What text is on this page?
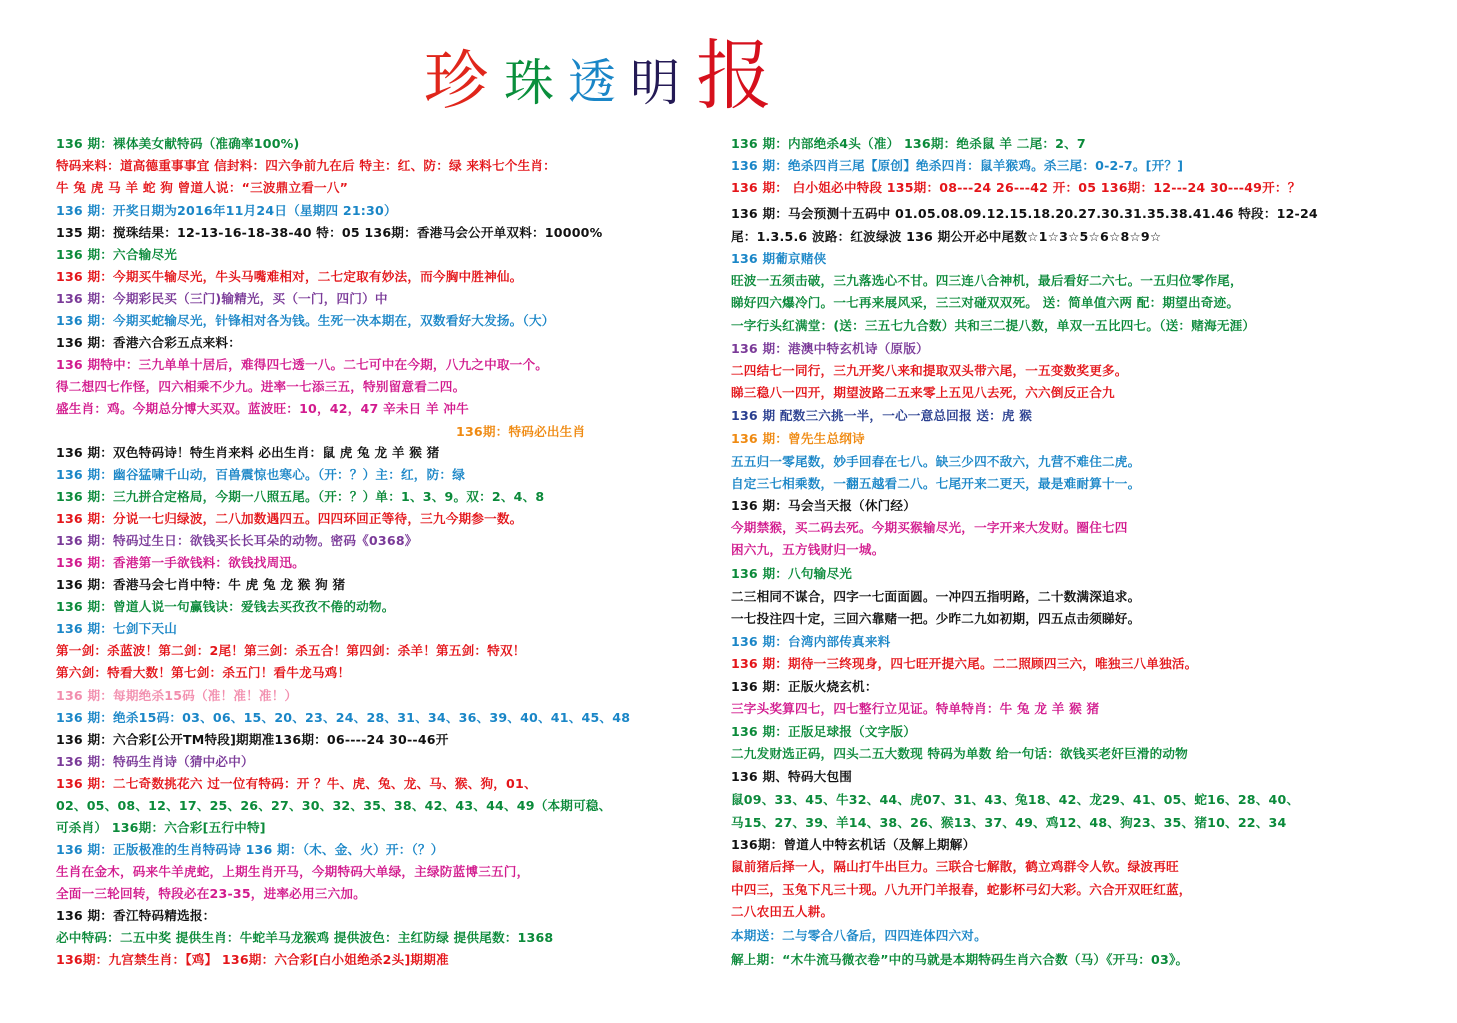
珍 珠 透 明 报
136 期：裸体美女献特码（准确率100%)
特码来料：道高德重事事宜 信封料：四六争前九在后 特主：红、防：绿 来料七个生肖：
牛 兔 虎 马 羊 蛇 狗 曾道人说：“三波鼎立看一八”
136 期：开奖日期为2016年11月24日（星期四 21:30）
135 期：搅珠结果：12-13-16-18-38-40 特：05 136期：香港马会公开单双料：10000%
136 期：六合输尽光
136 期：今期买牛输尽光，牛头马嘴难相对，二七定取有妙法，而今胸中胜神仙。
136 期：今期彩民买（三门)输精光，买（一门，四门）中
136 期：今期买蛇输尽光，针锋相对各为钱。生死一决本期在，双数看好大发扬。（大）
136 期：香港六合彩五点来料：
136 期特中：三九单单十居后，难得四七透一八。二七可中在今期，八九之中取一个。
得二想四七作怪，四六相乘不少九。进率一七添三五，特别留意看二四。
盛生肖：鸡。今期总分博大买双。蓝波旺：10，42，47 辛未日 羊 冲牛
136期：特码必出生肖
136 期：双色特码诗！特生肖来料 必出生肖：鼠 虎 兔 龙 羊 猴 猪
136 期：幽谷猛啸千山动，百兽震惊也寒心。（开：？）主：红，防：绿
136 期：三九拼合定格局，今期一八照五尾。（开：？）单：1、3、9。双：2、4、8
136 期：分说一七归绿波，二八加数遇四五。四四环回正等待，三九今期参一数。
136 期：特码过生日：欲钱买长长耳朵的动物。密码《0368》
136 期：香港第一手欲钱料：欲钱找周迅。
136 期：香港马会七肖中特：牛 虎 兔 龙 猴 狗 猪
136 期：曾道人说一句赢钱诀：爱钱去买孜孜不倦的动物。
136 期：七剑下天山
第一剑：杀蓝波！第二剑：2尾！第三剑：杀五合！第四剑：杀羊！第五剑：特双！
第六剑：特看大数！第七剑：杀五门！看牛龙马鸡！
136 期：每期绝杀15码（准！准！准！）
136 期：绝杀15码：03、06、15、20、23、24、28、31、34、36、39、40、41、45、48
136 期：六合彩[公开TM特段]期期准136期：06----24 30--46开
136 期：特码生肖诗（猜中必中）
136 期：二七奇数挑花六 过一位有特码：开 ？牛、虎、兔、龙、马、猴、狗，01、
02、05、08、12、17、25、26、27、30、32、35、38、42、43、44、49（本期可稳、
可杀肖） 136期：六合彩[五行中特]
136 期：正版极准的生肖特码诗 136 期：（木、金、火）开：（？）
生肖在金木，码来牛羊虎蛇，上期生肖开马，今期特码大单绿，主绿防蓝博三五门，
全面一三轮回转，特段必在23-35，进率必用三六加。
136 期：香江特码精选报：
必中特码：二五中奖 提供生肖：牛蛇羊马龙猴鸡 提供波色：主红防绿 提供尾数：1368
136期：九宫禁生肖：【鸡】 136期：六合彩[白小姐绝杀2头]期期准
136 期：内部绝杀4头（准） 136期：绝杀鼠 羊 二尾：2、7
136 期：绝杀四肖三尾【原创】绝杀四肖：鼠羊猴鸡。杀三尾：0-2-7。[开？]
136 期： 白小姐必中特段 135期：08---24 26---42 开：05 136期：12---24 30---49开：？
136 期：马会预测十五码中 01.05.08.09.12.15.18.20.27.30.31.35.38.41.46 特段：12-24
尾：1.3.5.6 波路：红波绿波 136 期公开必中尾数☆1☆3☆5☆6☆8☆9☆
136 期葡京赌侠
旺波一五须击破，三九落选心不甘。四三连八合神机，最后看好二六七。一五归位零作尾，
睇好四六爆冷门。一七再来展风采，三三对碰双双死。 送：简单值六两 配：期望出奇迹。
一字行头红满堂：(送：三五七九合数）共和三二提八数，单双一五比四七。（送：赌海无涯）
136 期：港澳中特玄机诗（原版）
二四结七一同行，三九开奖八来和提取双头带六尾，一五变数奖更多。
睇三稳八一四开，期望波路二五来零上五见八去死，六六倒反正合九
136 期 配数三六挑一半，一心一意总回报 送：虎 猴
136 期：曾先生总纲诗
五五归一零尾数，妙手回春在七八。缺三少四不敌六，九营不难住二虎。
自定三七相乘数，一翻五越看二八。七尾开来二更天，最是难耐算十一。
136 期：马会当天报（休门经）
今期禁猴，买二码去死。今期买猴输尽光，一字开来大发财。圈住七四
困六九，五方钱财归一城。
136 期：八句输尽光
二三相同不谋合，四字一七面面圆。一冲四五指明路，二十数满深追求。
一七投注四十定，三回六靠赌一把。少昨二九如初期，四五点击须睇好。
136 期：台湾内部传真来料
136 期：期待一三终现身，四七旺开提六尾。二二照顾四三六，唯独三八单独活。
136 期：正版火烧玄机：
三字头奖算四七，四七整行立见证。特单特肖：牛 兔 龙 羊 猴 猪
136 期：正版足球报（文字版）
二九发财选正码，四头二五大数现 特码为单数 给一句话：欲钱买老奸巨滑的动物
136 期、特码大包围
鼠09、33、45、牛32、44、虎07、31、43、兔18、42、龙29、41、05、蛇16、28、40、
马15、27、39、羊14、38、26、猴13、37、49、鸡12、48、狗23、35、猪10、22、34
136期：曾道人中特玄机话（及解上期解）
鼠前猪后择一人，隔山打牛出巨力。三联合七解散，鹤立鸡群令人钦。绿波再旺
中四三，玉兔下凡三十现。八九开门羊报春，蛇影杯弓幻大彩。六合开双旺红蓝，
二八农田五人耕。
本期送：二与零合八备后，四四连体四六对。
解上期：“木牛流马微衣卷”中的马就是本期特码生肖六合数（马）《开马：03》。
